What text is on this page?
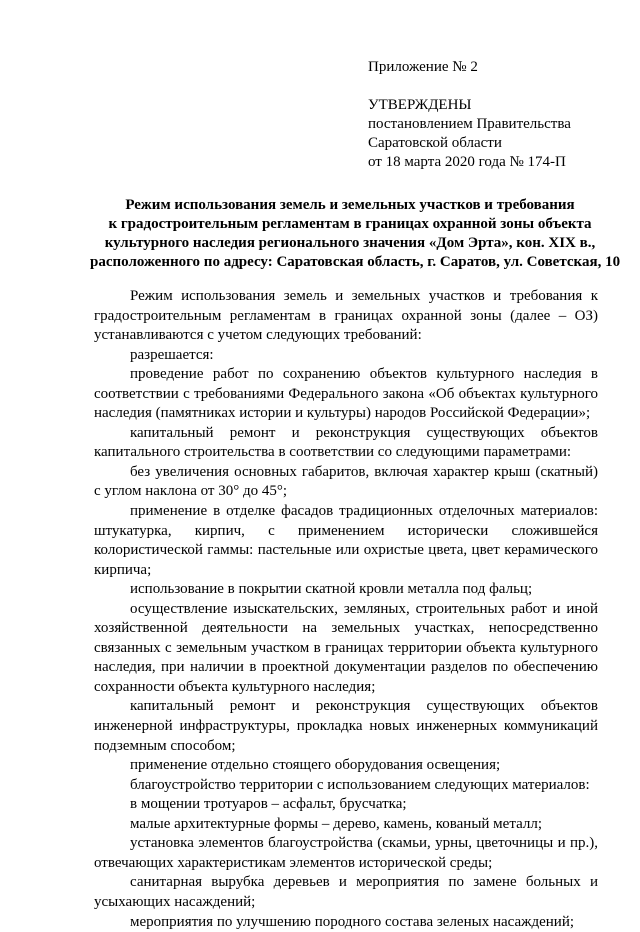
Приложение № 2
УТВЕРЖДЕНЫ
постановлением Правительства
Саратовской области
от 18 марта 2020 года № 174-П
Режим использования земель и земельных участков и требования
к градостроительным регламентам в границах охранной зоны объекта
культурного наследия регионального значения «Дом Эрта», кон. XIX в.,
расположенного по адресу: Саратовская область, г. Саратов, ул. Советская, 10

Режим использования земель и земельных участков и требования к градостроительным регламентам в границах охранной зоны (далее – ОЗ) устанавливаются с учетом следующих требований:

разрешается:

проведение работ по сохранению объектов культурного наследия в соответствии с требованиями Федерального закона «Об объектах культурного наследия (памятниках истории и культуры) народов Российской Федерации»;

капитальный ремонт и реконструкция существующих объектов капитального строительства в соответствии со следующими параметрами:

без увеличения основных габаритов, включая характер крыш (скатный) с углом наклона от 30° до 45°;

применение в отделке фасадов традиционных отделочных материалов: штукатурка, кирпич, с применением исторически сложившейся колористической гаммы: пастельные или охристые цвета, цвет керамического кирпича;

использование в покрытии скатной кровли металла под фальц;

осуществление изыскательских, земляных, строительных работ и иной хозяйственной деятельности на земельных участках, непосредственно связанных с земельным участком в границах территории объекта культурного наследия, при наличии в проектной документации разделов по обеспечению сохранности объекта культурного наследия;

капитальный ремонт и реконструкция существующих объектов инженерной инфраструктуры, прокладка новых инженерных коммуникаций подземным способом;

применение отдельно стоящего оборудования освещения;

благоустройство территории с использованием следующих материалов:

в мощении тротуаров – асфальт, брусчатка;

малые архитектурные формы – дерево, камень, кованый металл;

установка элементов благоустройства (скамьи, урны, цветочницы и пр.), отвечающих характеристикам элементов исторической среды;

санитарная вырубка деревьев и мероприятия по замене больных и усыхающих насаждений;

мероприятия по улучшению породного состава зеленых насаждений;
